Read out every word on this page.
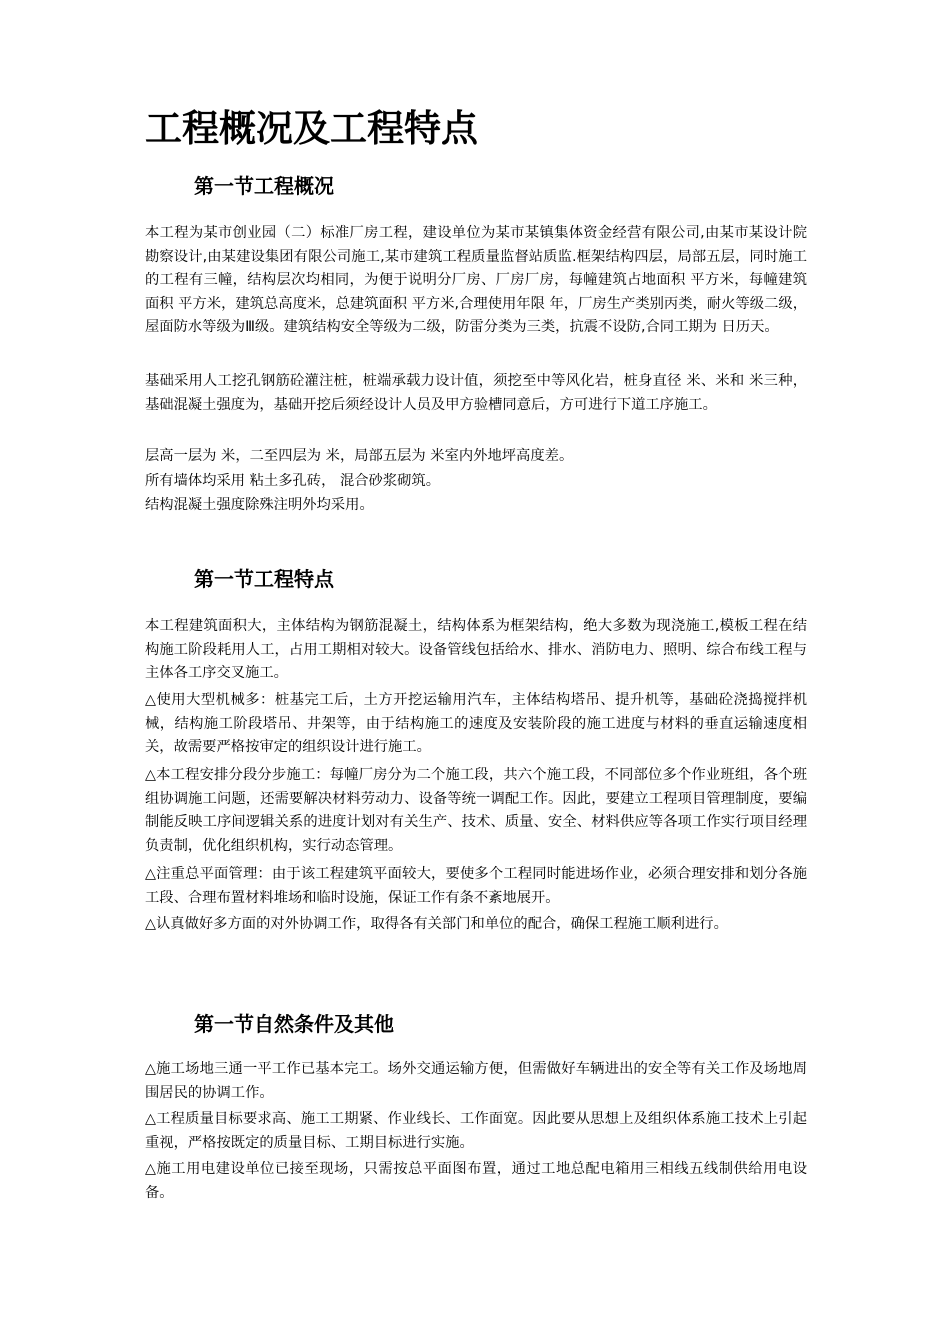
工程概况及工程特点
第一节工程概况

本工程为某市创业园（二）标准厂房工程，建设单位为某市某镇集体资金经营有限公司,由某市某设计院勘察设计,由某建设集团有限公司施工,某市建筑工程质量监督站质监.框架结构四层，局部五层，同时施工的工程有三幢，结构层次均相同，为便于说明分厂房、厂房厂房，每幢建筑占地面积 平方米，每幢建筑面积 平方米，建筑总高度米，总建筑面积 平方米,合理使用年限 年，厂房生产类别丙类，耐火等级二级，屋面防水等级为Ⅲ级。建筑结构安全等级为二级，防雷分类为三类，抗震不设防,合同工期为 日历天。

基础采用人工挖孔钢筋砼灌注桩，桩端承载力设计值，须挖至中等风化岩，桩身直径 米、米和 米三种，基础混凝土强度为，基础开挖后须经设计人员及甲方验槽同意后，方可进行下道工序施工。

层高一层为 米，二至四层为 米，局部五层为 米室内外地坪高度差。

所有墙体均采用 粘土多孔砖， 混合砂浆砌筑。

结构混凝土强度除殊注明外均采用。

第一节工程特点

本工程建筑面积大，主体结构为钢筋混凝土，结构体系为框架结构，绝大多数为现浇施工,模板工程在结构施工阶段耗用人工，占用工期相对较大。设备管线包括给水、排水、消防电力、照明、综合布线工程与主体各工序交叉施工。

△使用大型机械多：桩基完工后，土方开挖运输用汽车，主体结构塔吊、提升机等，基础砼浇捣搅拌机械，结构施工阶段塔吊、井架等，由于结构施工的速度及安装阶段的施工进度与材料的垂直运输速度相关，故需要严格按审定的组织设计进行施工。

△本工程安排分段分步施工：每幢厂房分为二个施工段，共六个施工段，不同部位多个作业班组，各个班组协调施工问题，还需要解决材料劳动力、设备等统一调配工作。因此，要建立工程项目管理制度，要编制能反映工序间逻辑关系的进度计划对有关生产、技术、质量、安全、材料供应等各项工作实行项目经理负责制，优化组织机构，实行动态管理。

△注重总平面管理：由于该工程建筑平面较大，要使多个工程同时能进场作业，必须合理安排和划分各施工段、合理布置材料堆场和临时设施，保证工作有条不紊地展开。

△认真做好多方面的对外协调工作，取得各有关部门和单位的配合，确保工程施工顺利进行。

第一节自然条件及其他

△施工场地三通一平工作已基本完工。场外交通运输方便，但需做好车辆进出的安全等有关工作及场地周围居民的协调工作。

△工程质量目标要求高、施工工期紧、作业线长、工作面宽。因此要从思想上及组织体系施工技术上引起重视，严格按既定的质量目标、工期目标进行实施。

△施工用电建设单位已接至现场，只需按总平面图布置，通过工地总配电箱用三相线五线制供给用电设备。
